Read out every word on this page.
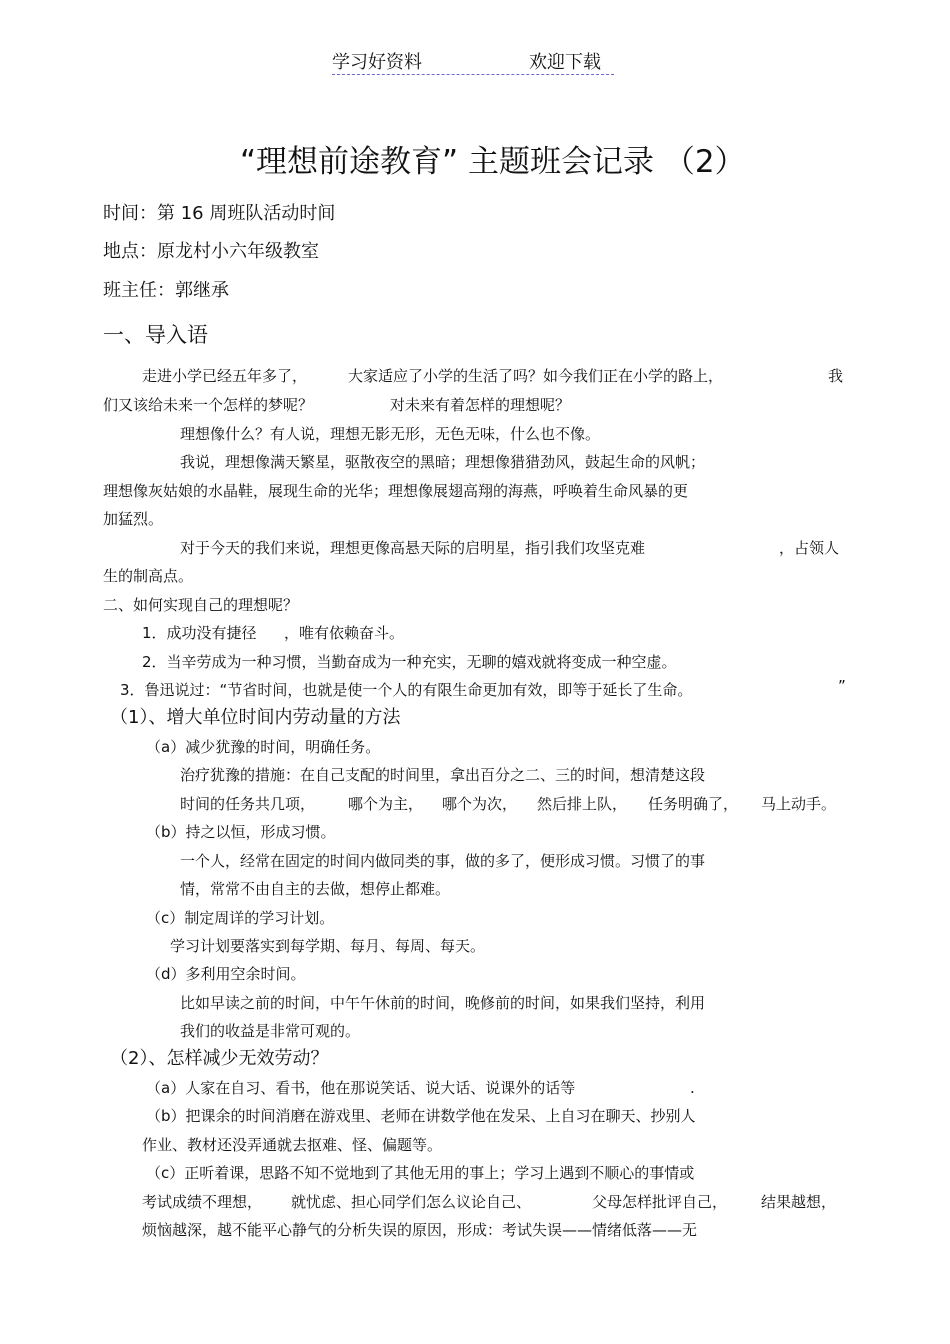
学习好资料	欢迎下载
“理想前途教育” 主题班会记录 （2）
时间：第 16 周班队活动时间
地点：原龙村小六年级教室
班主任：郭继承
一、导入语
走进小学已经五年多了，	大家适应了小学的生活了吗？如今我们正在小学的路上，	我
们又该给未来一个怎样的梦呢？	对未来有着怎样的理想呢？
理想像什么？有人说，理想无影无形，无色无味，什么也不像。
我说，理想像满天繁星，驱散夜空的黑暗；理想像猎猎劲风，鼓起生命的风帆；
理想像灰姑娘的水晶鞋，展现生命的光华；理想像展翅高翔的海燕，呼唤着生命风暴的更
加猛烈。
对于今天的我们来说，理想更像高悬天际的启明星，指引我们攻坚克难	，占领人
生的制高点。
二、如何实现自己的理想呢？
1．成功没有捷径 ，唯有依赖奋斗。
2．当辛劳成为一种习惯，当勤奋成为一种充实，无聊的嬉戏就将变成一种空虚。
3．鲁迅说过：“节省时间，也就是使一个人的有限生命更加有效，即等于延长了生命。	”
（1）、增大单位时间内劳动量的方法
（a）减少犹豫的时间，明确任务。
治疗犹豫的措施：在自己支配的时间里，拿出百分之二、三的时间，想清楚这段
时间的任务共几项， 哪个为主， 哪个为次， 然后排上队， 任务明确了， 马上动手。
（b）持之以恒，形成习惯。
一个人，经常在固定的时间内做同类的事，做的多了，便形成习惯。习惯了的事
情，常常不由自主的去做，想停止都难。
（c）制定周详的学习计划。
学习计划要落实到每学期、每月、每周、每天。
（d）多利用空余时间。
比如早读之前的时间，中午午休前的时间，晚修前的时间，如果我们坚持，利用
我们的收益是非常可观的。
（2）、怎样减少无效劳动？
（a）人家在自习、看书，他在那说笑话、说大话、说课外的话等	.
（b）把课余的时间消磨在游戏里、老师在讲数学他在发呆、上自习在聊天、抄别人
作业、教材还没弄通就去抠难、怪、偏题等。
（c）正听着课，思路不知不觉地到了其他无用的事上；学习上遇到不顺心的事情或
考试成绩不理想， 就忧虑、担心同学们怎么议论自己、	父母怎样批评自己， 结果越想，
烦恼越深，越不能平心静气的分析失误的原因，形成：考试失误——情绪低落——无
